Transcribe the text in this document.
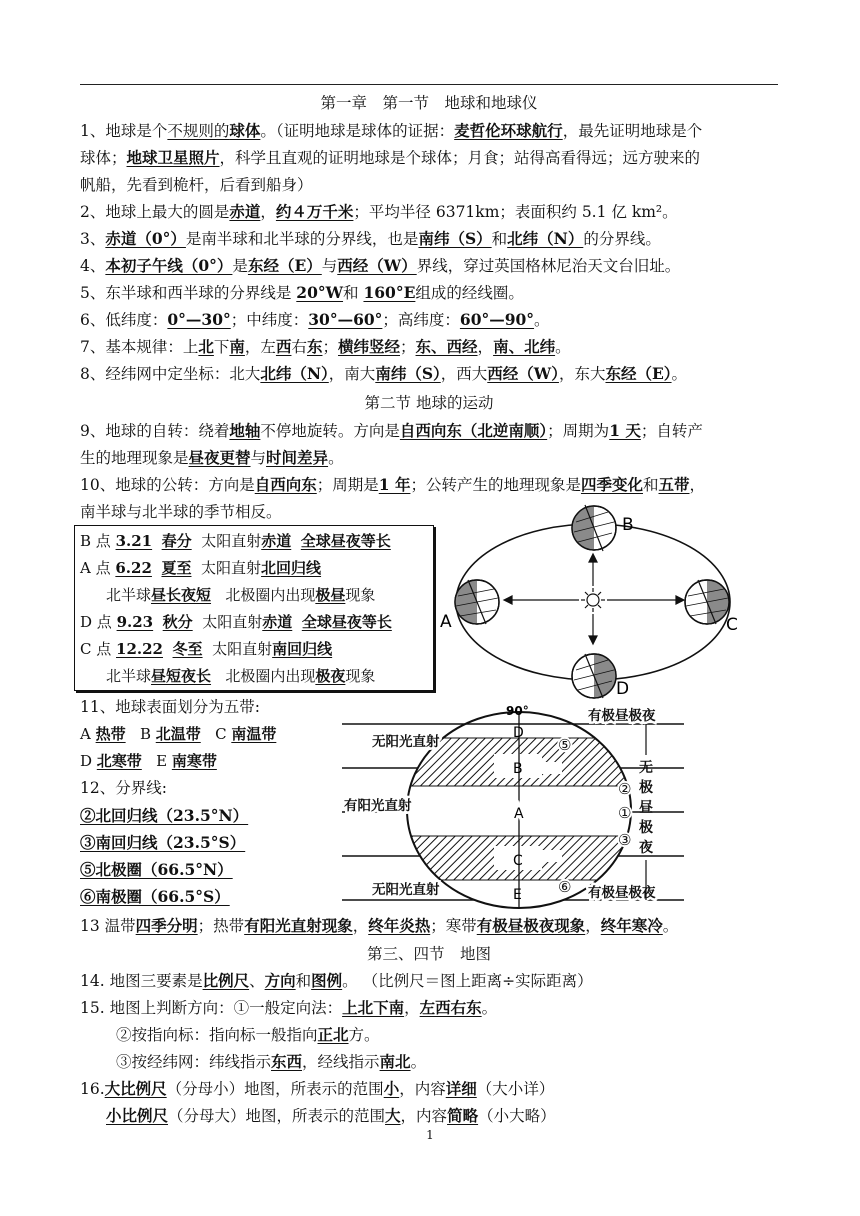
第一章　第一节　地球和地球仪
1、地球是个不规则的球体。（证明地球是球体的证据：麦哲伦环球航行，最先证明地球是个
球体；地球卫星照片，科学且直观的证明地球是个球体；月食；站得高看得远；远方驶来的
帆船，先看到桅杆，后看到船身）
2、地球上最大的圆是赤道，约４万千米；平均半径 6371km；表面积约 5.1 亿 km²。
3、赤道（0°）是南半球和北半球的分界线，也是南纬（S）和北纬（N）的分界线。
4、本初子午线（0°）是东经（E）与西经（W）界线，穿过英国格林尼治天文台旧址。
5、东半球和西半球的分界线是 20°W和 160°E组成的经线圈。
6、低纬度：0°—30°；中纬度：30°—60°；高纬度：60°—90°。
7、基本规律：上北下南，左西右东；横纬竖经；东、西经，南、北纬。
8、经纬网中定坐标：北大北纬（N），南大南纬（S），西大西经（W），东大东经（E）。
第二节 地球的运动
9、地球的自转：绕着地轴不停地旋转。方向是自西向东（北逆南顺）；周期为1 天；自转产
生的地理现象是昼夜更替与时间差异。
10、地球的公转：方向是自西向东；周期是1 年；公转产生的地理现象是四季变化和五带，
南半球与北半球的季节相反。
B 点 3.21 春分 太阳直射赤道 全球昼夜等长
A 点 6.22 夏至 太阳直射北回归线
北半球昼长夜短 北极圈内出现极昼现象
D 点 9.23 秋分 太阳直射赤道 全球昼夜等长
C 点 12.22 冬至 太阳直射南回归线
北半球昼短夜长 北极圈内出现极夜现象
B
A	C
D
11、地球表面划分为五带:
A 热带 B 北温带 C 南温带
D 北寒带 E 南寒带
12、分界线:
②北回归线（23.5°N）
③南回归线（23.5°S）
⑤北极圈（66.5°N）
⑥南极圈（66.5°S）
90°
D
B
A
C
E
⑤
②
①
③
⑥
无阳光直射
有阳光直射
无阳光直射
有极昼极夜
有极昼极夜
无
极
昼
极
夜
13 温带四季分明；热带有阳光直射现象，终年炎热；寒带有极昼极夜现象，终年寒冷。
第三、四节　地图
14. 地图三要素是比例尺、方向和图例。 （比例尺＝图上距离÷实际距离）
15. 地图上判断方向：①一般定向法：上北下南，左西右东。
②按指向标：指向标一般指向正北方。
③按经纬网：纬线指示东西，经线指示南北。
16.大比例尺（分母小）地图，所表示的范围小，内容详细（大小详）
小比例尺（分母大）地图，所表示的范围大，内容简略（小大略）
1
